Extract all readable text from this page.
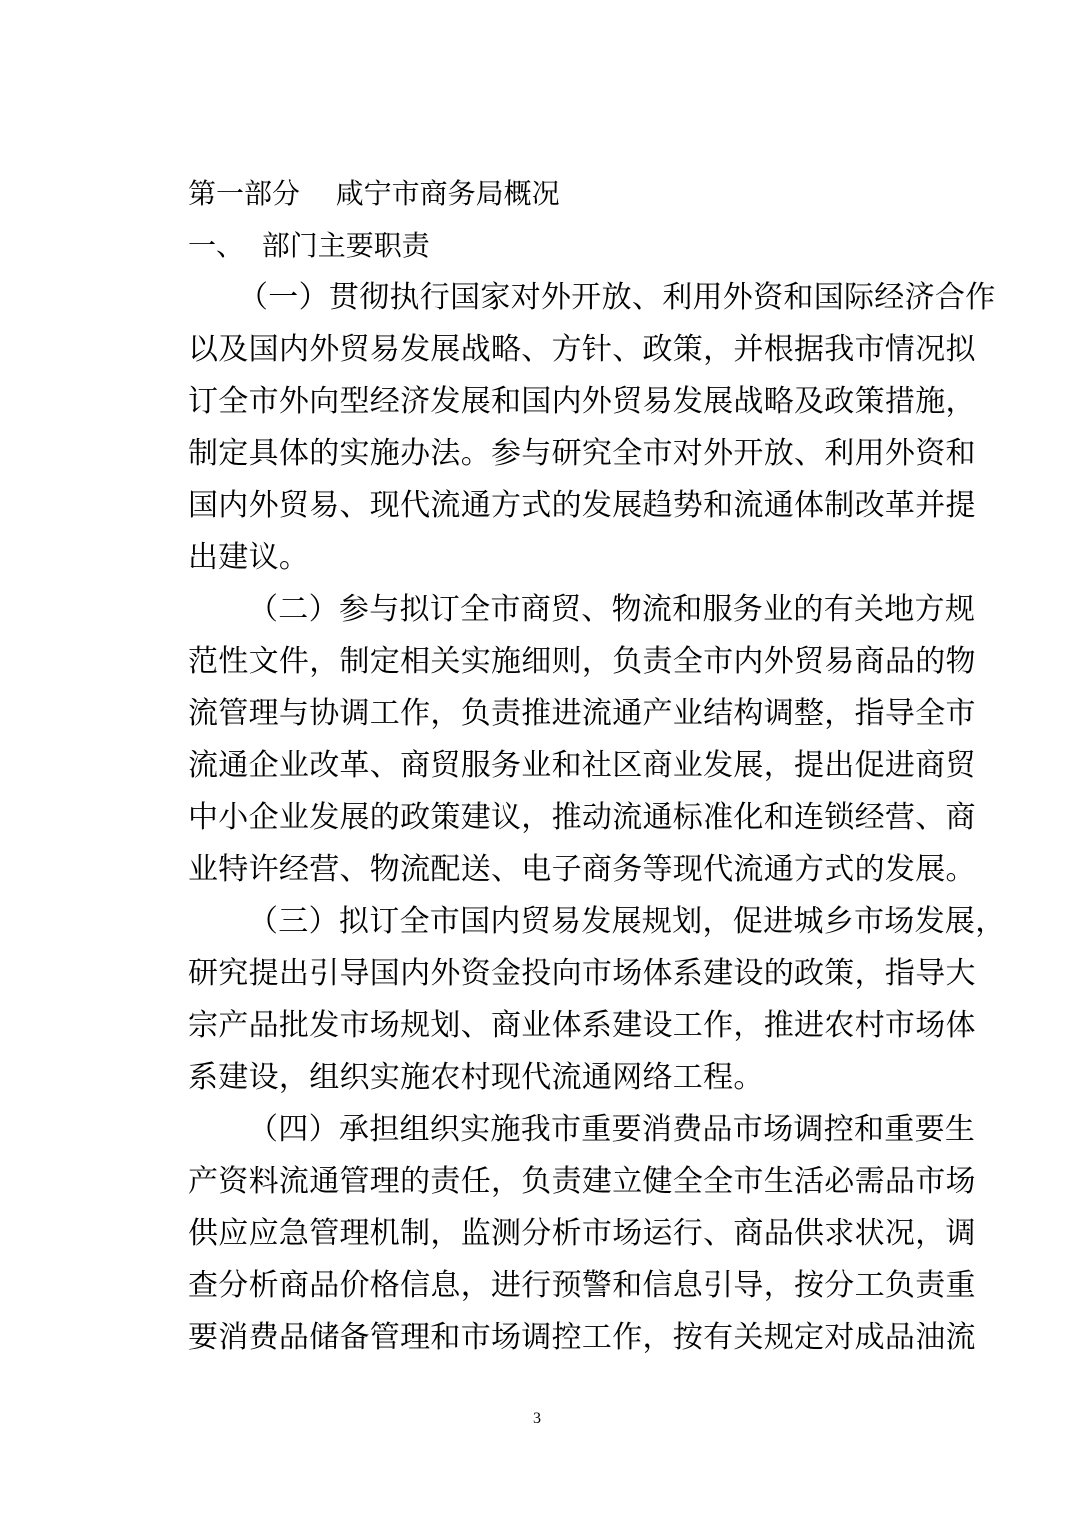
第一部分    咸宁市商务局概况
一、  部门主要职责
（一）贯彻执行国家对外开放、利用外资和国际经济合作
以及国内外贸易发展战略、方针、政策，并根据我市情况拟
订全市外向型经济发展和国内外贸易发展战略及政策措施，
制定具体的实施办法。参与研究全市对外开放、利用外资和
国内外贸易、现代流通方式的发展趋势和流通体制改革并提
出建议。
（二）参与拟订全市商贸、物流和服务业的有关地方规
范性文件，制定相关实施细则，负责全市内外贸易商品的物
流管理与协调工作，负责推进流通产业结构调整，指导全市
流通企业改革、商贸服务业和社区商业发展，提出促进商贸
中小企业发展的政策建议，推动流通标准化和连锁经营、商
业特许经营、物流配送、电子商务等现代流通方式的发展。
（三）拟订全市国内贸易发展规划，促进城乡市场发展，
研究提出引导国内外资金投向市场体系建设的政策，指导大
宗产品批发市场规划、商业体系建设工作，推进农村市场体
系建设，组织实施农村现代流通网络工程。
（四）承担组织实施我市重要消费品市场调控和重要生
产资料流通管理的责任，负责建立健全全市生活必需品市场
供应应急管理机制，监测分析市场运行、商品供求状况，调
查分析商品价格信息，进行预警和信息引导，按分工负责重
要消费品储备管理和市场调控工作，按有关规定对成品油流
3
